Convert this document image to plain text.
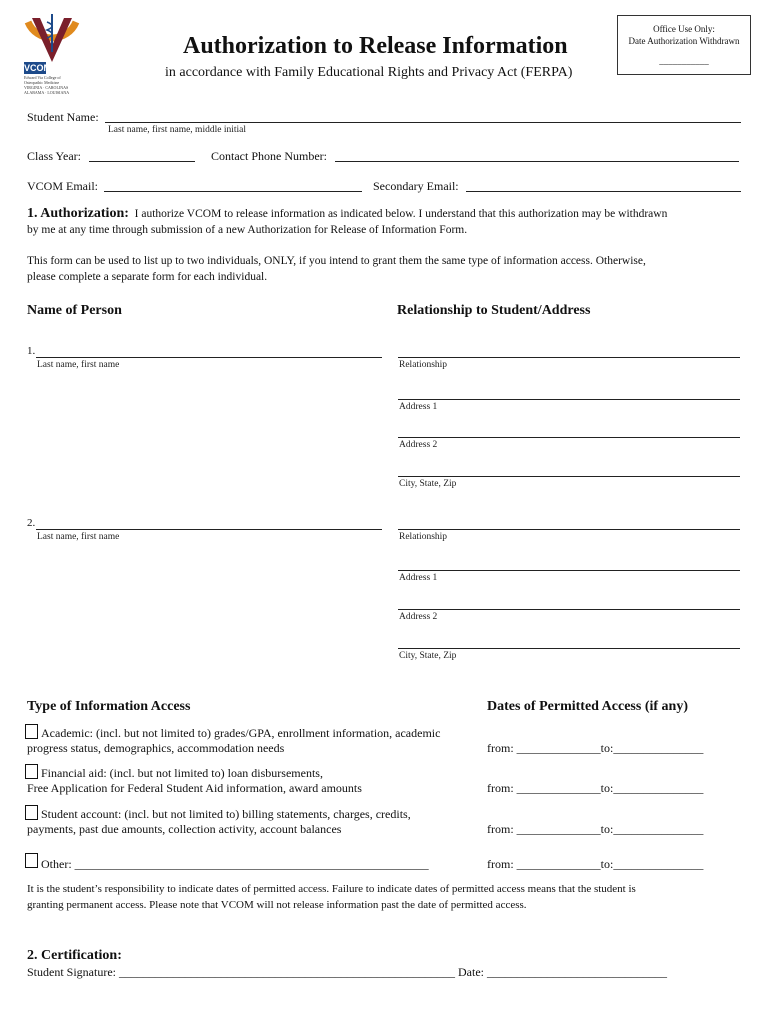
VCOM
Edward Via College of
Osteopathic Medicine
VIRGINIA · CAROLINAS
ALABAMA · LOUISIANA
Authorization to Release Information
in accordance with Family Educational Rights and Privacy Act (FERPA)
Office Use Only:
Date Authorization Withdrawn
___________
Student Name:
Last name, first name, middle initial
Class Year:	Contact Phone Number:
VCOM Email:	Secondary Email:
1. Authorization: I authorize VCOM to release information as indicated below. I understand that this authorization may be withdrawn
by me at any time through submission of a new Authorization for Release of Information Form.
This form can be used to list up to two individuals, ONLY, if you intend to grant them the same type of information access. Otherwise,
please complete a separate form for each individual.
Name of Person	Relationship to Student/Address
1.
Last name, first name	Relationship
Address 1
Address 2
City, State, Zip
2.
Last name, first name	Relationship
Address 1
Address 2
City, State, Zip
Type of Information Access	Dates of Permitted Access (if any)
Academic: (incl. but not limited to) grades/GPA, enrollment information, academic
progress status, demographics, accommodation needs	from: ______________to:_______________
Financial aid: (incl. but not limited to) loan disbursements,
Free Application for Federal Student Aid information, award amounts	from: ______________to:_______________
Student account: (incl. but not limited to) billing statements, charges, credits,
payments, past due amounts, collection activity, account balances	from: ______________to:_______________
Other: ___________________________________________________________	from: ______________to:_______________
It is the student’s responsibility to indicate dates of permitted access. Failure to indicate dates of permitted access means that the student is
granting permanent access. Please note that VCOM will not release information past the date of permitted access.
2. Certification:
Student Signature: ________________________________________________________ Date: ______________________________
